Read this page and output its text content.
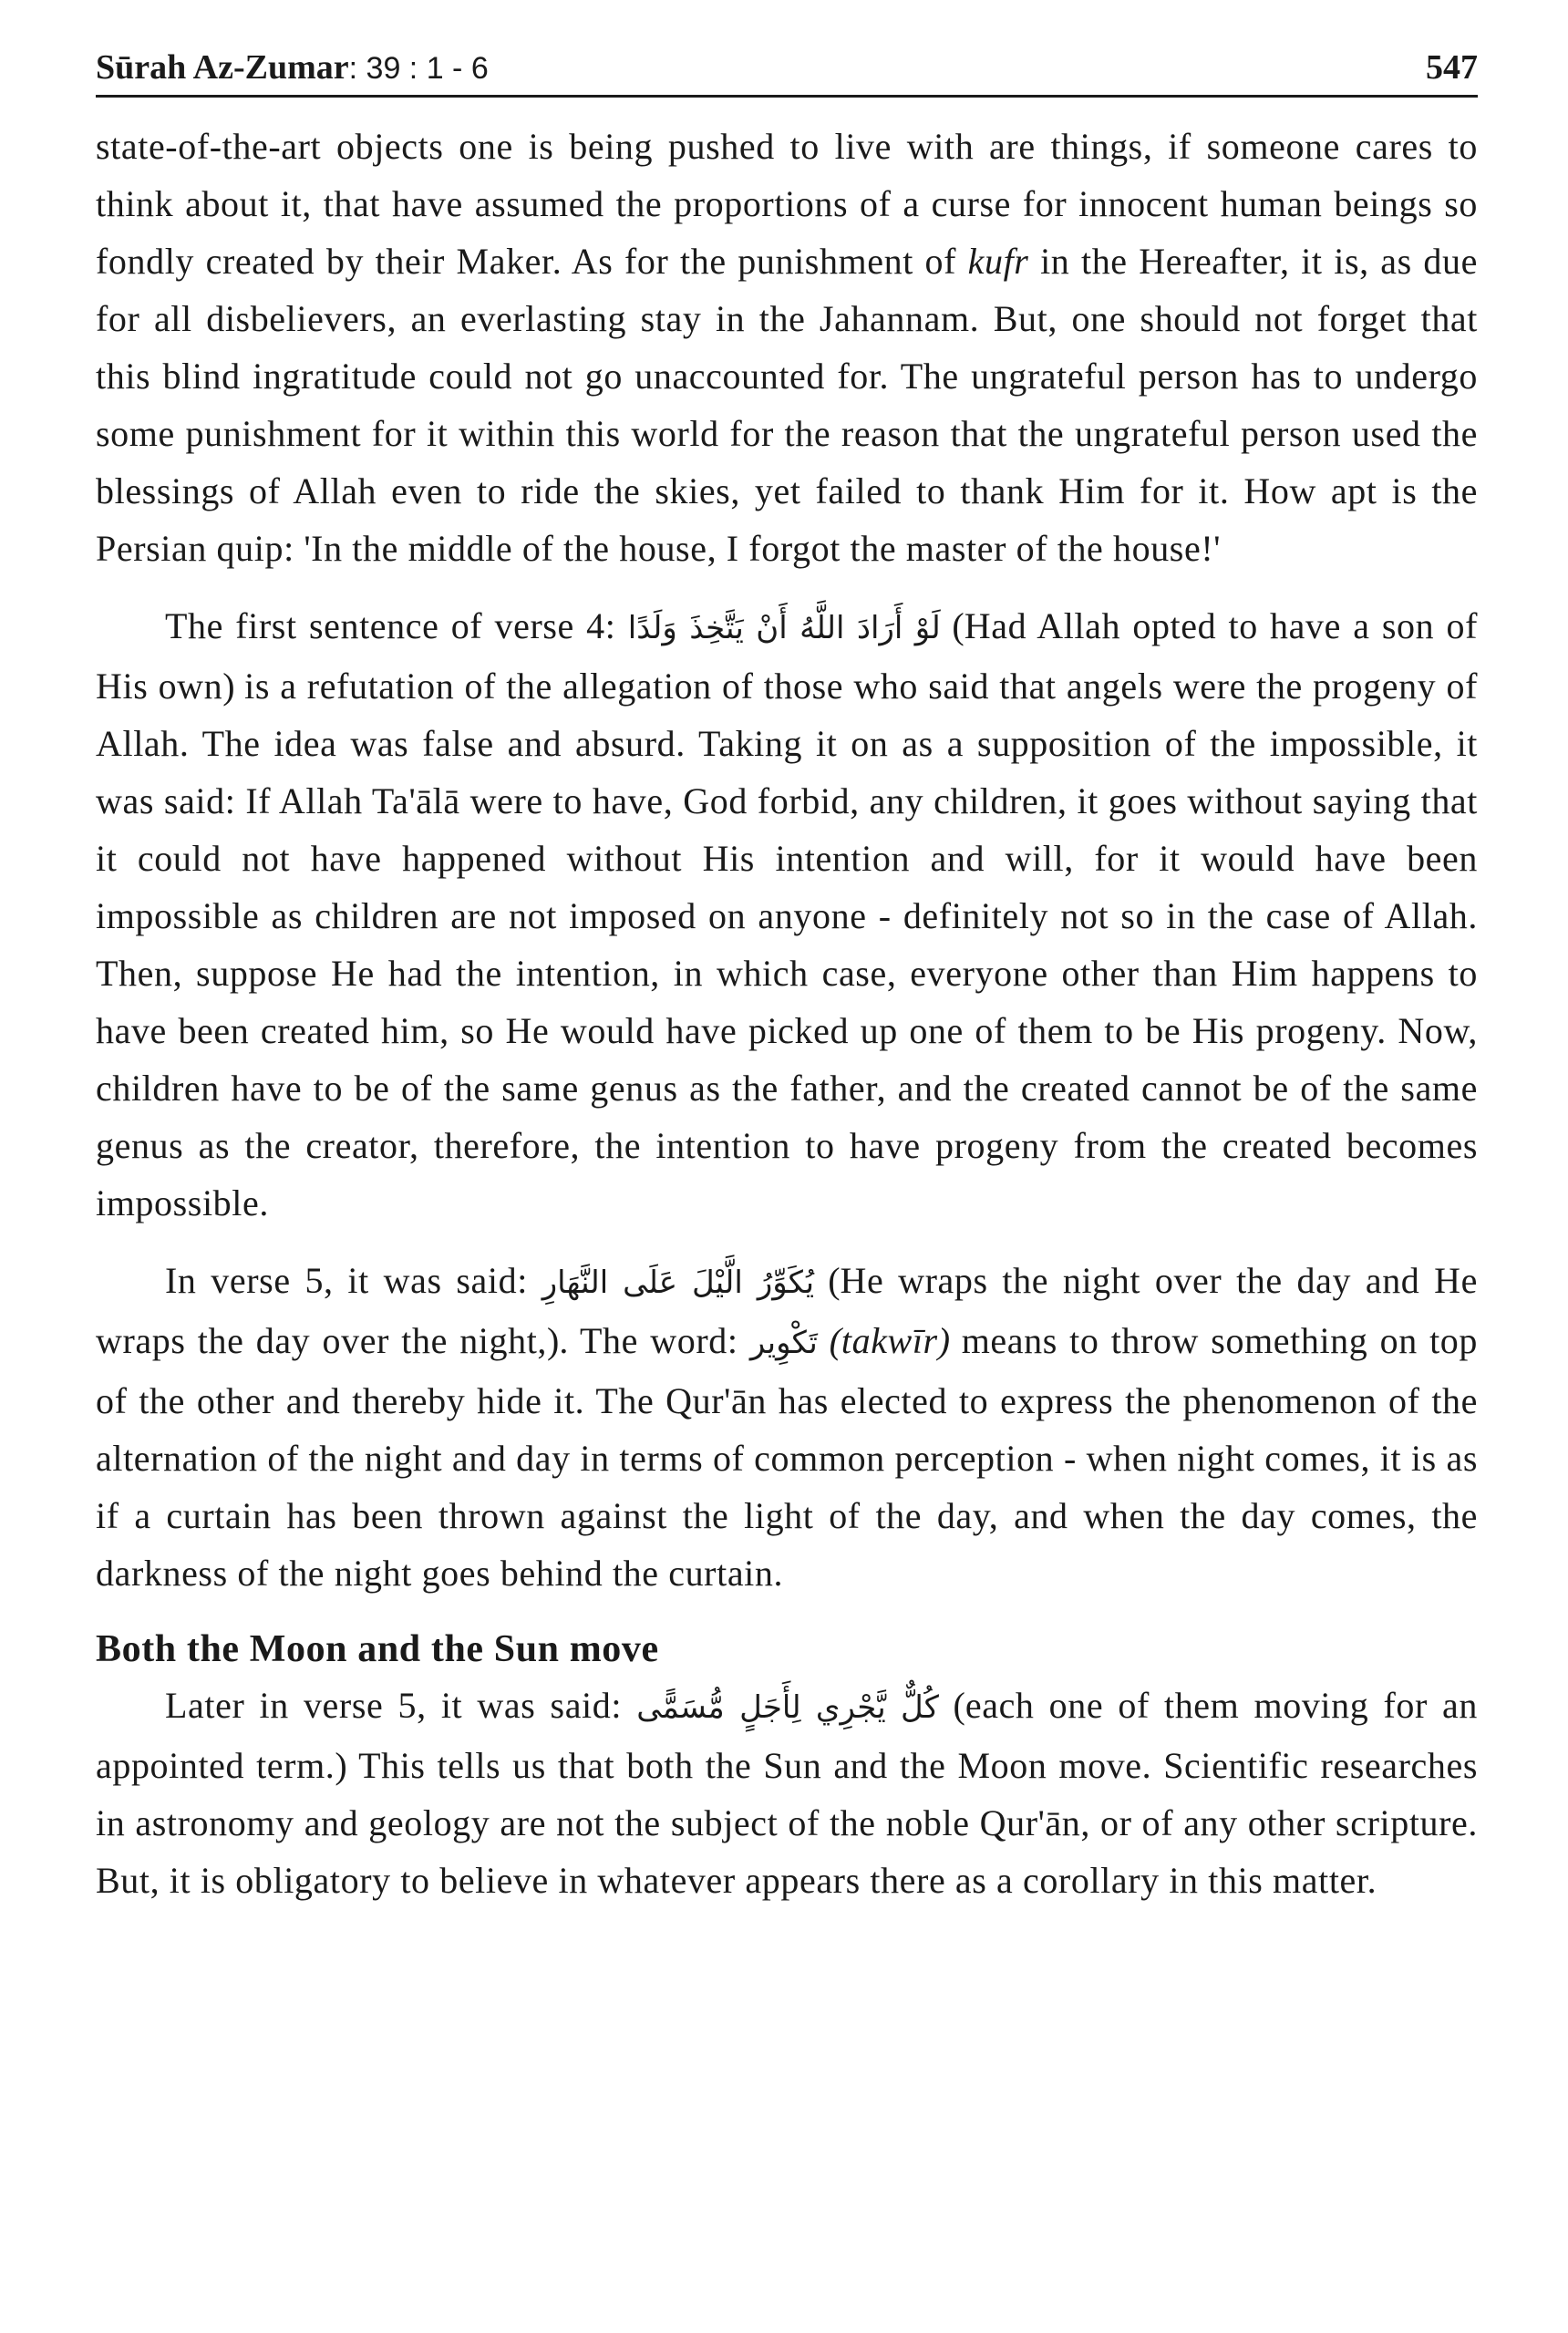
Sūrah Az-Zumar: 39 : 1 - 6	547

state-of-the-art objects one is being pushed to live with are things, if someone cares to think about it, that have assumed the proportions of a curse for innocent human beings so fondly created by their Maker. As for the punishment of kufr in the Hereafter, it is, as due for all disbelievers, an everlasting stay in the Jahannam. But, one should not forget that this blind ingratitude could not go unaccounted for. The ungrateful person has to undergo some punishment for it within this world for the reason that the ungrateful person used the blessings of Allah even to ride the skies, yet failed to thank Him for it. How apt is the Persian quip: 'In the middle of the house, I forgot the master of the house!'

The first sentence of verse 4: لَوْ أَرَادَ اللَّهُ أَنْ يَتَّخِذَ وَلَدًا (Had Allah opted to have a son of His own) is a refutation of the allegation of those who said that angels were the progeny of Allah. The idea was false and absurd. Taking it on as a supposition of the impossible, it was said: If Allah Ta'ālā were to have, God forbid, any children, it goes without saying that it could not have happened without His intention and will, for it would have been impossible as children are not imposed on anyone - definitely not so in the case of Allah. Then, suppose He had the intention, in which case, everyone other than Him happens to have been created him, so He would have picked up one of them to be His progeny. Now, children have to be of the same genus as the father, and the created cannot be of the same genus as the creator, therefore, the intention to have progeny from the created becomes impossible.

In verse 5, it was said: يُكَوِّرُ الَّيْلَ عَلَى النَّهَارِ (He wraps the night over the day and He wraps the day over the night,). The word: تَكْوِير (takwīr) means to throw something on top of the other and thereby hide it. The Qur'ān has elected to express the phenomenon of the alternation of the night and day in terms of common perception - when night comes, it is as if a curtain has been thrown against the light of the day, and when the day comes, the darkness of the night goes behind the curtain.

Both the Moon and the Sun move

Later in verse 5, it was said: كُلٌّ يَّجْرِي لِأَجَلٍ مُّسَمًّى (each one of them moving for an appointed term.) This tells us that both the Sun and the Moon move. Scientific researches in astronomy and geology are not the subject of the noble Qur'ān, or of any other scripture. But, it is obligatory to believe in whatever appears there as a corollary in this matter.
